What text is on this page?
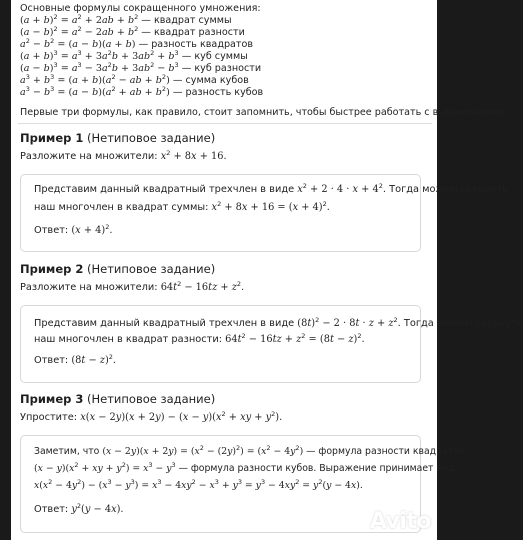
Основные формулы сокращенного умножения:
$(a + b)^2 = a^2 + 2ab + b^2$ — квадрат суммы
$(a - b)^2 = a^2 - 2ab + b^2$ — квадрат разности
$a^2 - b^2 = (a - b)(a + b)$ — разность квадратов
$(a + b)^3 = a^3 + 3a^2b + 3ab^2 + b^3$ — куб суммы
$(a - b)^3 = a^3 - 3a^2b + 3ab^2 - b^3$ — куб разности
$a^3 + b^3 = (a + b)(a^2$ − ab + $b^2$) — сумма кубов
$a^3 - b^3 = (a - b)(a^2$ + ab + $b^2$) — разность кубов
Первые три формулы, как правило, стоит запомнить, чтобы быстрее работать с выражениями.
Пример 1 (Нетиповое задание)
Разложите на множители: $x^2 + 8x + 16$.
Представим данный квадратный трехчлен в виде $x^2 + 2 \cdot 4 \cdot x + 4^2$. Тогда можем свернуть
наш многочлен в квадрат суммы: $x^2 + 8x + 16 = (x + 4)^2$.
Ответ: $(x + 4)^2$.
Пример 2 (Нетиповое задание)
Разложите на множители: $64t^2 - 16tz + z^2$.
Представим данный квадратный трехчлен в виде $(8t)^2 - 2 \cdot 8t \cdot z + z^2$. Тогда можем свернуть
наш многочлен в квадрат разности: $64t^2 - 16tz + z^2 = (8t - z)^2$.
Ответ: $(8t - z)^2$.
Пример 3 (Нетиповое задание)
Упростите: $x(x - 2y)(x + 2y) - (x - y)(x^2$ + xy + $y^2$).
Заметим, что $(x - 2y)(x + 2y) = (x^2 - (2y)^2) = (x^2 - 4y^2)$ — формула разности квадратов,
$(x - y)(x^2$ + xy + $y^2) = x^3 - y^3$ — формула разности кубов. Выражение принимает вид:
$x(x^2 - 4y^2) - (x^3 - y^3) = x^3 - 4xy^2 - x^3 + y^3 = y^3 - 4xy^2 = y^2(y - 4x)$.
Ответ: $y^2(y - 4x)$.	Avito
